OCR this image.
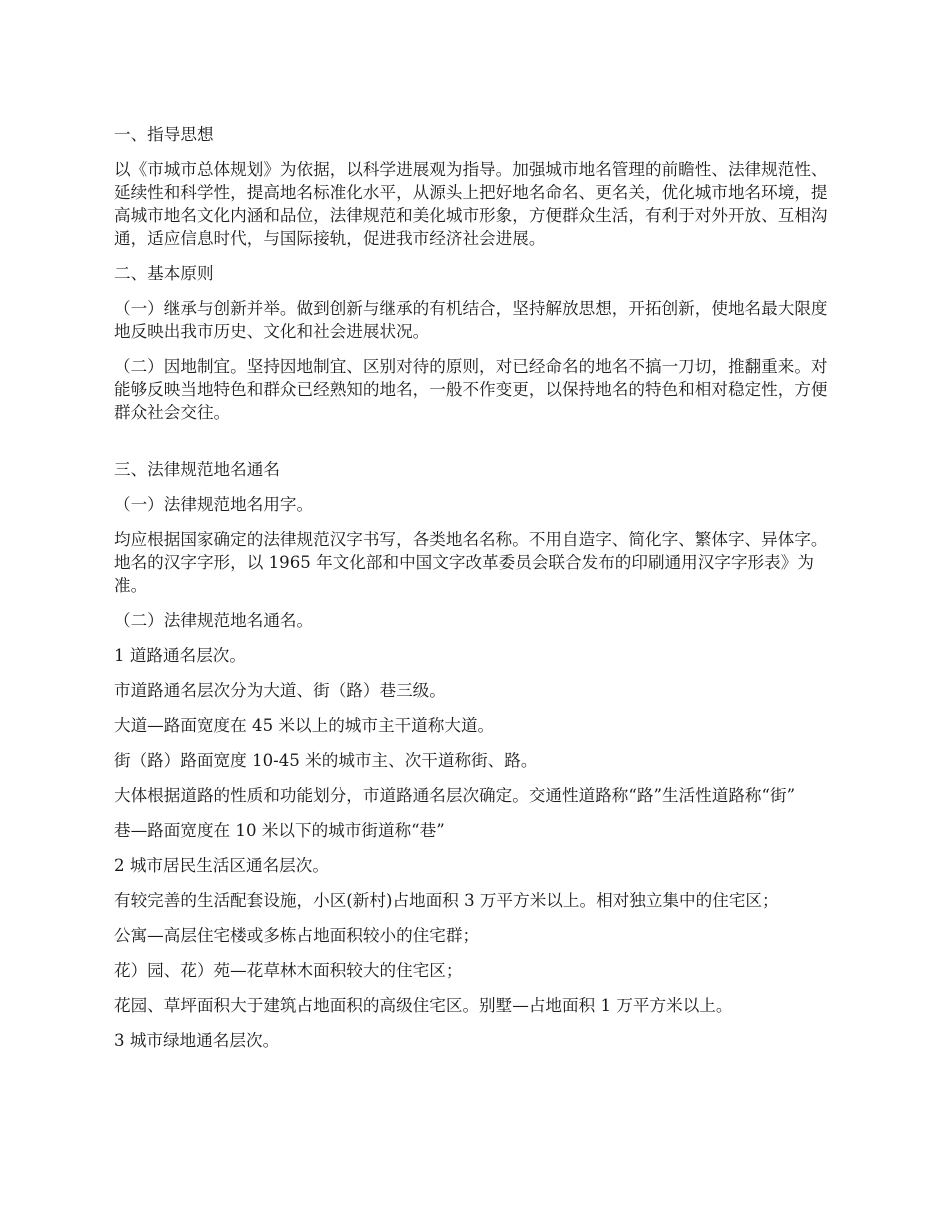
一、指导思想

以《市城市总体规划》为依据，以科学进展观为指导。加强城市地名管理的前瞻性、法律规范性、延续性和科学性，提高地名标准化水平，从源头上把好地名命名、更名关，优化城市地名环境，提高城市地名文化内涵和品位，法律规范和美化城市形象，方便群众生活，有利于对外开放、互相沟通，适应信息时代，与国际接轨，促进我市经济社会进展。

二、基本原则

（一）继承与创新并举。做到创新与继承的有机结合，坚持解放思想，开拓创新，使地名最大限度地反映出我市历史、文化和社会进展状况。

（二）因地制宜。坚持因地制宜、区别对待的原则，对已经命名的地名不搞一刀切，推翻重来。对能够反映当地特色和群众已经熟知的地名，一般不作变更，以保持地名的特色和相对稳定性，方便群众社会交往。

三、法律规范地名通名

（一）法律规范地名用字。

均应根据国家确定的法律规范汉字书写，各类地名名称。不用自造字、简化字、繁体字、异体字。地名的汉字字形，以 1965 年文化部和中国文字改革委员会联合发布的印刷通用汉字字形表》为准。

（二）法律规范地名通名。

1 道路通名层次。

市道路通名层次分为大道、街（路）巷三级。

大道—路面宽度在 45 米以上的城市主干道称大道。

街（路）路面宽度 10-45 米的城市主、次干道称街、路。

大体根据道路的性质和功能划分，市道路通名层次确定。交通性道路称“路”生活性道路称“街”

巷—路面宽度在 10 米以下的城市街道称“巷”

2 城市居民生活区通名层次。

有较完善的生活配套设施，小区(新村)占地面积 3 万平方米以上。相对独立集中的住宅区；

公寓—高层住宅楼或多栋占地面积较小的住宅群；

花）园、花）苑—花草林木面积较大的住宅区；

花园、草坪面积大于建筑占地面积的高级住宅区。别墅—占地面积 1 万平方米以上。

3 城市绿地通名层次。
